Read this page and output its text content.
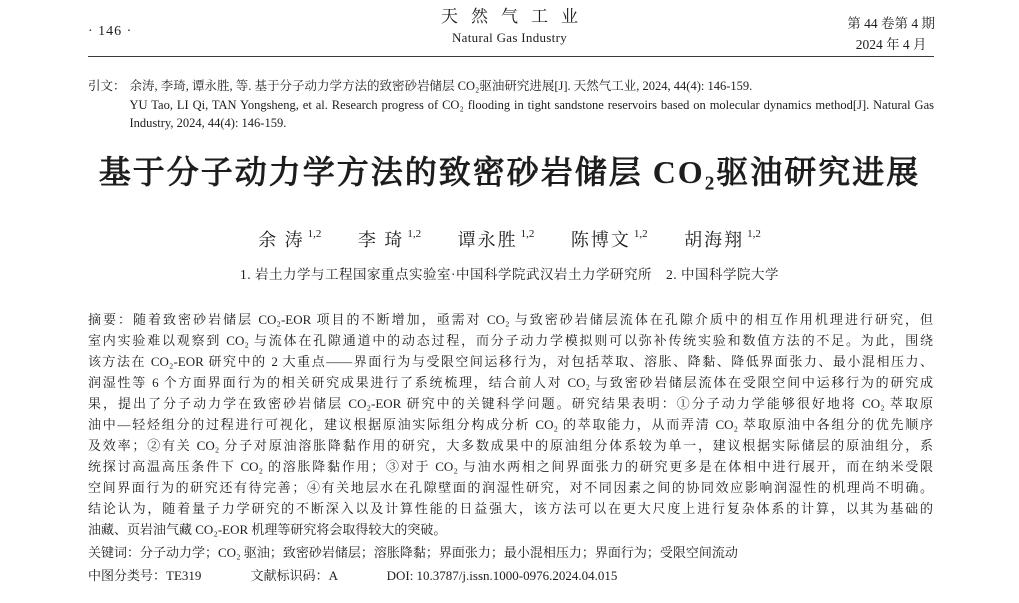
· 146 ·
天然气工业
Natural Gas Industry
第 44 卷第 4 期
2024 年 4 月
引文： 余涛, 李琦, 谭永胜, 等. 基于分子动力学方法的致密砂岩储层 CO₂驱油研究进展[J]. 天然气工业, 2024, 44(4): 146-159.
YU Tao, LI Qi, TAN Yongsheng, et al. Research progress of CO₂ flooding in tight sandstone reservoirs based on molecular dynamics method[J]. Natural Gas Industry, 2024, 44(4): 146-159.
基于分子动力学方法的致密砂岩储层 CO₂驱油研究进展
余 涛 $^{1,2}$ 李 琦 $^{1,2}$ 谭永胜 $^{1,2}$ 陈博文 $^{1,2}$ 胡海翔 $^{1,2}$
1. 岩土力学与工程国家重点实验室·中国科学院武汉岩土力学研究所　2. 中国科学院大学
摘要：随着致密砂岩储层 CO₂-EOR 项目的不断增加，亟需对 CO₂ 与致密砂岩储层流体在孔隙介质中的相互作用机理进行研究，但
室内实验难以观察到 CO₂ 与流体在孔隙通道中的动态过程，而分子动力学模拟则可以弥补传统实验和数值方法的不足。为此，围绕
该方法在 CO₂-EOR 研究中的 2 大重点——界面行为与受限空间运移行为，对包括萃取、溶胀、降黏、降低界面张力、最小混相压力、
润湿性等 6 个方面界面行为的相关研究成果进行了系统梳理，结合前人对 CO₂ 与致密砂岩储层流体在受限空间中运移行为的研究成
果，提出了分子动力学在致密砂岩储层 CO₂-EOR 研究中的关键科学问题。研究结果表明：①分子动力学能够很好地将 CO₂ 萃取原
油中—轻烃组分的过程进行可视化，建议根据原油实际组分构成分析 CO₂ 的萃取能力，从而弄清 CO₂ 萃取原油中各组分的优先顺序
及效率；②有关 CO₂ 分子对原油溶胀降黏作用的研究，大多数成果中的原油组分体系较为单一，建议根据实际储层的原油组分，系
统探讨高温高压条件下 CO₂ 的溶胀降黏作用；③对于 CO₂ 与油水两相之间界面张力的研究更多是在体相中进行展开，而在纳米受限
空间界面行为的研究还有待完善；④有关地层水在孔隙壁面的润湿性研究，对不同因素之间的协同效应影响润湿性的机理尚不明确。
结论认为，随着量子力学研究的不断深入以及计算性能的日益强大，该方法可以在更大尺度上进行复杂体系的计算，以其为基础的
油藏、页岩油气藏 CO₂-EOR 机理等研究将会取得较大的突破。
关键词：分子动力学；CO₂ 驱油；致密砂岩储层；溶胀降黏；界面张力；最小混相压力；界面行为；受限空间流动
中图分类号：TE319	文献标识码：A	DOI: 10.3787/j.issn.1000-0976.2024.04.015
